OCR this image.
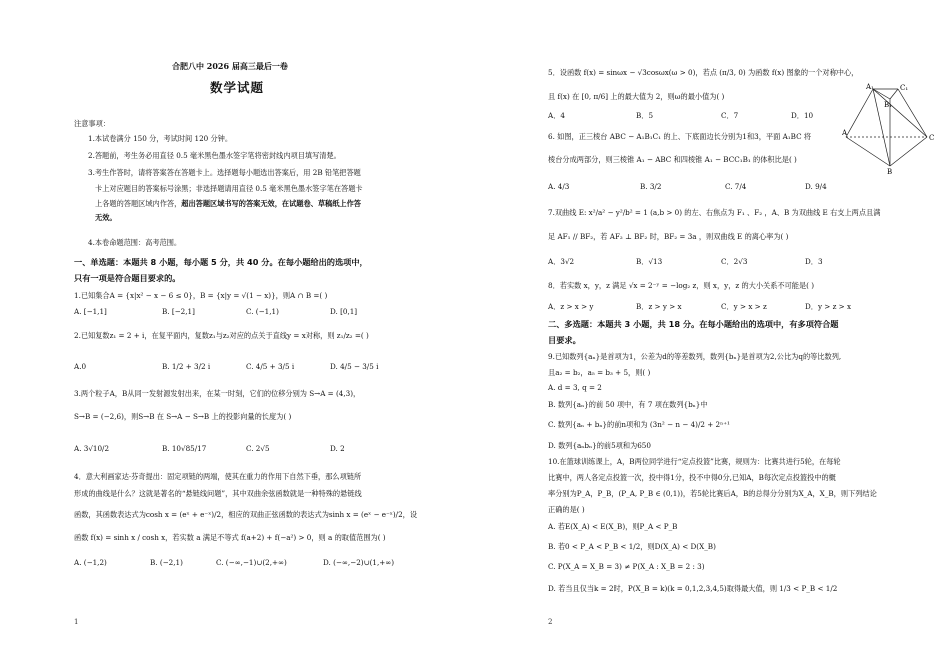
合肥八中 2026 届高三最后一卷
数学试题
注意事项：
1.本试卷满分 150 分，考试时间 120 分钟。
2.答题前，考生务必用直径 0.5 毫米黑色墨水签字笔将密封线内项目填写清楚。
3.考生作答时，请将答案答在答题卡上。选择题每小题选出答案后，用 2B 铅笔把答题
卡上对应题目的答案标号涂黑；非选择题请用直径 0.5 毫米黑色墨水签字笔在答题卡
上各题的答题区域内作答，超出答题区域书写的答案无效，在试题卷、草稿纸上作答
无效。
4.本卷命题范围：高考范围。
一、单选题：本题共 8 小题，每小题 5 分，共 40 分。在每小题给出的选项中，
只有一项是符合题目要求的。
1.已知集合A = {x|x² − x − 6 ≤ 0}，B = {x|y = √(1 − x)}，则A ∩ B =( )
A. [−1,1]	B. [−2,1]	C. (−1,1)	D. [0,1]
2.已知复数z₁ = 2 + i，在复平面内，复数z₁与z₂对应的点关于直线y = x对称，则 z₁/z₂ =( )
A.0	B. 1/2 + 3/2 i	C. 4/5 + 3/5 i	D. 4/5 − 3/5 i
3.两个粒子A，B从同一发射源发射出来，在某一时刻，它们的位移分别为 S→A = (4,3)，
S→B = (−2,6)，则S→B 在 S→A − S→B 上的投影向量的长度为( )
A. 3√10/2	B. 10√85/17	C. 2√5	D. 2
4．意大利画家达·芬奇提出：固定项链的两端，使其在重力的作用下自然下垂，那么项链所
形成的曲线是什么？这就是著名的“悬链线问题”，其中双曲余弦函数就是一种特殊的悬链线
函数，其函数表达式为cosh x = (eˣ + e⁻ˣ)/2，相应的双曲正弦函数的表达式为sinh x = (eˣ − e⁻ˣ)/2，设
函数 f(x) = sinh x / cosh x，若实数 a 满足不等式 f(a+2) + f(−a²) > 0，则 a 的取值范围为( )
A. (−1,2)	B. (−2,1)	C. (−∞,−1)∪(2,+∞)	D. (−∞,−2)∪(1,+∞)
1
5．设函数 f(x) = sinωx − √3cosωx(ω > 0)，若点 (π/3, 0) 为函数 f(x) 图象的一个对称中心，
且 f(x) 在 [0, π/6] 上的最大值为 2，则ω的最小值为( )
A．4	B．5	C．7	D．10
6. 如图，正三棱台 ABC − A₁B₁C₁ 的上、下底面边长分别为1和3，平面 A₁BC 将
棱台分成两部分，则三棱锥 A₁ − ABC 和四棱锥 A₁ − BCC₁B₁ 的体积比是( )
A. 4/3	B. 3/2	C. 7/4	D. 9/4
A₁
B₁
C₁
A
B
C
7.双曲线 E: x²/a² − y²/b² = 1 (a,b > 0) 的左、右焦点为 F₁ 、F₂ ，A、B 为双曲线 E 右支上两点且满
足 AF₁ // BF₂，若 AF₂ ⊥ BF₂ 时，BF₂ = 3a ，则双曲线 E 的离心率为( )
A．3√2	B．√13	C．2√3	D．3
8．若实数 x，y，z 满足 √x = 2⁻ʸ = −log₂ z，则 x，y，z 的大小关系不可能是( )
A．z > x > y	B．z > y > x	C．y > x > z	D．y > z > x
二、多选题：本题共 3 小题，共 18 分。在每小题给出的选项中，有多项符合题
目要求。
9.已知数列{aₙ}是首项为1，公差为d的等差数列，数列{bₙ}是首项为2,公比为q的等比数列,
且a₂ = b₂，a₅ = b₃ + 5，则( )
A. d = 3, q = 2
B. 数列{aₙ}的前 50 项中，有 7 项在数列{bₙ}中
C. 数列{aₙ + bₙ}的前n项和为 (3n² − n − 4)/2 + 2ⁿ⁺¹
D. 数列{aₙbₙ}的前5项和为650
10.在篮球训练课上，A，B两位同学进行“定点投篮”比赛，规则为：比赛共进行5轮，在每轮
比赛中，两人各定点投篮一次，投中得1分，投不中得0分,已知A，B每次定点投篮投中的概
率分别为P_A，P_B，(P_A, P_B ∈ (0,1))，若5轮比赛后A，B的总得分分别为X_A，X_B，则下列结论
正确的是( )
A. 若E(X_A) < E(X_B)，则P_A < P_B
B. 若0 < P_A < P_B < 1/2，则D(X_A) < D(X_B)
C. P(X_A = X_B = 3) ≠ P(X_A : X_B = 2 : 3)
D. 若当且仅当k = 2时，P(X_B = k)(k = 0,1,2,3,4,5)取得最大值，则 1/3 < P_B < 1/2
2
